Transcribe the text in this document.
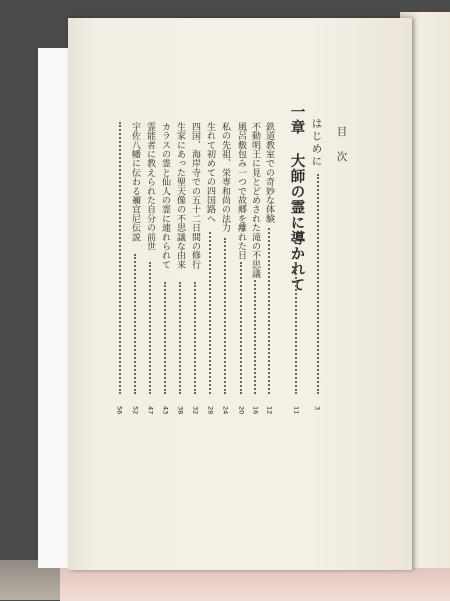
目　次
はじめに
3
一章 大師の霊に導かれて
11
鉄道教室での奇妙な体験
12
不動明王に見とどめされた滝の不思議
16
風呂敷包み一つで故郷を離れた日
20
私の先祖、栄専和尚の法力
24
生れて初めての四国路へ
28
四国、海岸寺での五十二日間の修行
32
生家にあった聖天像の不思議な由来
38
カラスの霊と仙人の霊に連れられて
43
霊能者に教えられた自分の前世
47
宇佐八幡に伝わる禰宜尼伝説
52
56
